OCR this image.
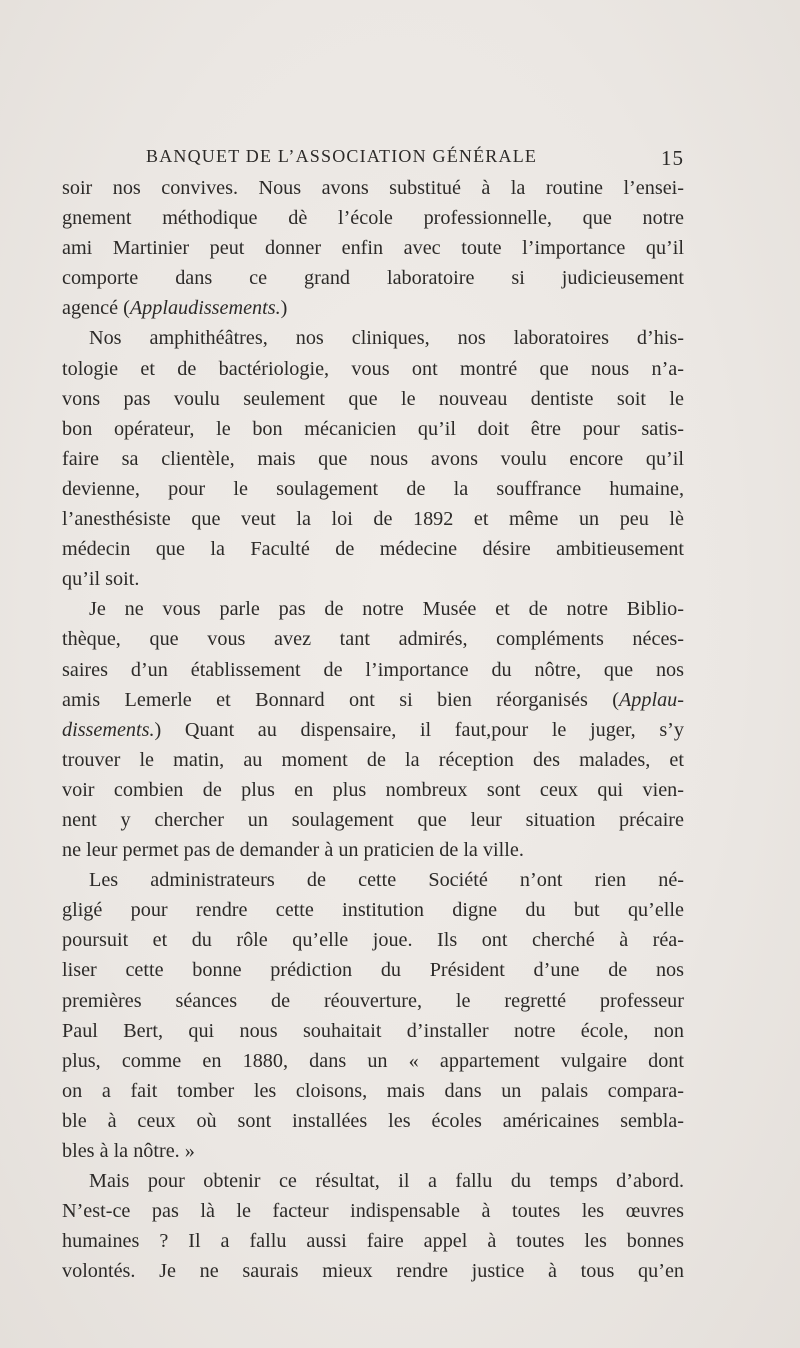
BANQUET DE L’ASSOCIATION GÉNÉRALE	15
soir nos convives. Nous avons substitué à la routine l’ensei-
gnement méthodique dè l’école professionnelle, que notre
ami Martinier peut donner enfin avec toute l’importance qu’il
comporte dans ce grand laboratoire si judicieusement
agencé (Applaudissements.)
Nos amphithéâtres, nos cliniques, nos laboratoires d’his-
tologie et de bactériologie, vous ont montré que nous n’a-
vons pas voulu seulement que le nouveau dentiste soit le
bon opérateur, le bon mécanicien qu’il doit être pour satis-
faire sa clientèle, mais que nous avons voulu encore qu’il
devienne, pour le soulagement de la souffrance humaine,
l’anesthésiste que veut la loi de 1892 et même un peu lè
médecin que la Faculté de médecine désire ambitieusement
qu’il soit.
Je ne vous parle pas de notre Musée et de notre Biblio-
thèque, que vous avez tant admirés, compléments néces-
saires d’un établissement de l’importance du nôtre, que nos
amis Lemerle et Bonnard ont si bien réorganisés (Applau-
dissements.) Quant au dispensaire, il faut,pour le juger, s’y
trouver le matin, au moment de la réception des malades, et
voir combien de plus en plus nombreux sont ceux qui vien-
nent y chercher un soulagement que leur situation précaire
ne leur permet pas de demander à un praticien de la ville.
Les administrateurs de cette Société n’ont rien né-
gligé pour rendre cette institution digne du but qu’elle
poursuit et du rôle qu’elle joue. Ils ont cherché à réa-
liser cette bonne prédiction du Président d’une de nos
premières séances de réouverture, le regretté professeur
Paul Bert, qui nous souhaitait d’installer notre école, non
plus, comme en 1880, dans un « appartement vulgaire dont
on a fait tomber les cloisons, mais dans un palais compara-
ble à ceux où sont installées les écoles américaines sembla-
bles à la nôtre. »
Mais pour obtenir ce résultat, il a fallu du temps d’abord.
N’est-ce pas là le facteur indispensable à toutes les œuvres
humaines ? Il a fallu aussi faire appel à toutes les bonnes
volontés. Je ne saurais mieux rendre justice à tous qu’en
